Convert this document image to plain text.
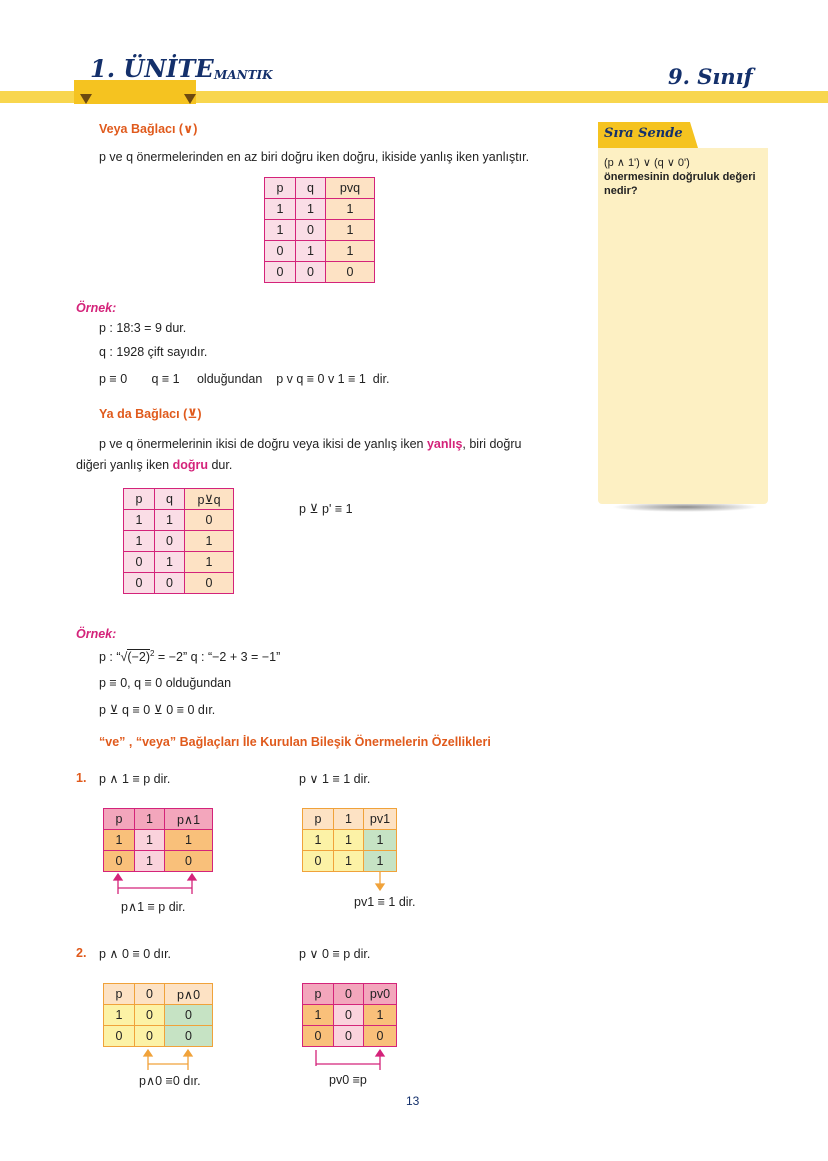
1. ÜNİTE MANTIK	9. Sınıf
Sıra Sende
(p ∧ 1') ∨ (q ∨ 0')
önermesinin doğruluk değeri nedir?
Veya Bağlacı (∨)
p ve q önermelerinden en az biri doğru iken doğru, ikiside yanlış iken yanlıştır.
p	q	pvq
1	1	1
1	0	1
0	1	1
0	0	0
Örnek:
p : 18:3 = 9 dur.
q : 1928 çift sayıdır.
p ≡ 0       q ≡ 1     olduğundan    p v q ≡ 0 v 1 ≡ 1  dir.
Ya da Bağlacı (⊻)
p ve q önermelerinin ikisi de doğru veya ikisi de yanlış iken yanlış, biri doğru
diğeri yanlış iken doğru dur.
p	q	p⊻q
1	1	0
1	0	1
0	1	1
0	0	0
p ⊻ p' ≡ 1
Örnek:
p : “$√(-2)^2 = -2$” q : “−2 + 3 = −1”
p ≡ 0, q ≡ 0 olduğundan
p ⊻ q ≡ 0 ⊻ 0 ≡ 0 dır.
“ve” , “veya” Bağlaçları İle Kurulan Bileşik Önermelerin Özellikleri
1. p ∧ 1 ≡ p dir.	p ∨ 1 ≡ 1 dir.
p	1	p∧1
1	1	1
0	1	0
p	1	pv1
1	1	1
0	1	1
p∧1 ≡ p dir.	pv1 ≡ 1 dir.
2. p ∧ 0 ≡ 0 dır.	p ∨ 0 ≡ p dir.
p	0	p∧0
1	0	0
0	0	0
p	0	pv0
1	0	1
0	0	0
p∧0 ≡0 dır.	pv0 ≡p
13
